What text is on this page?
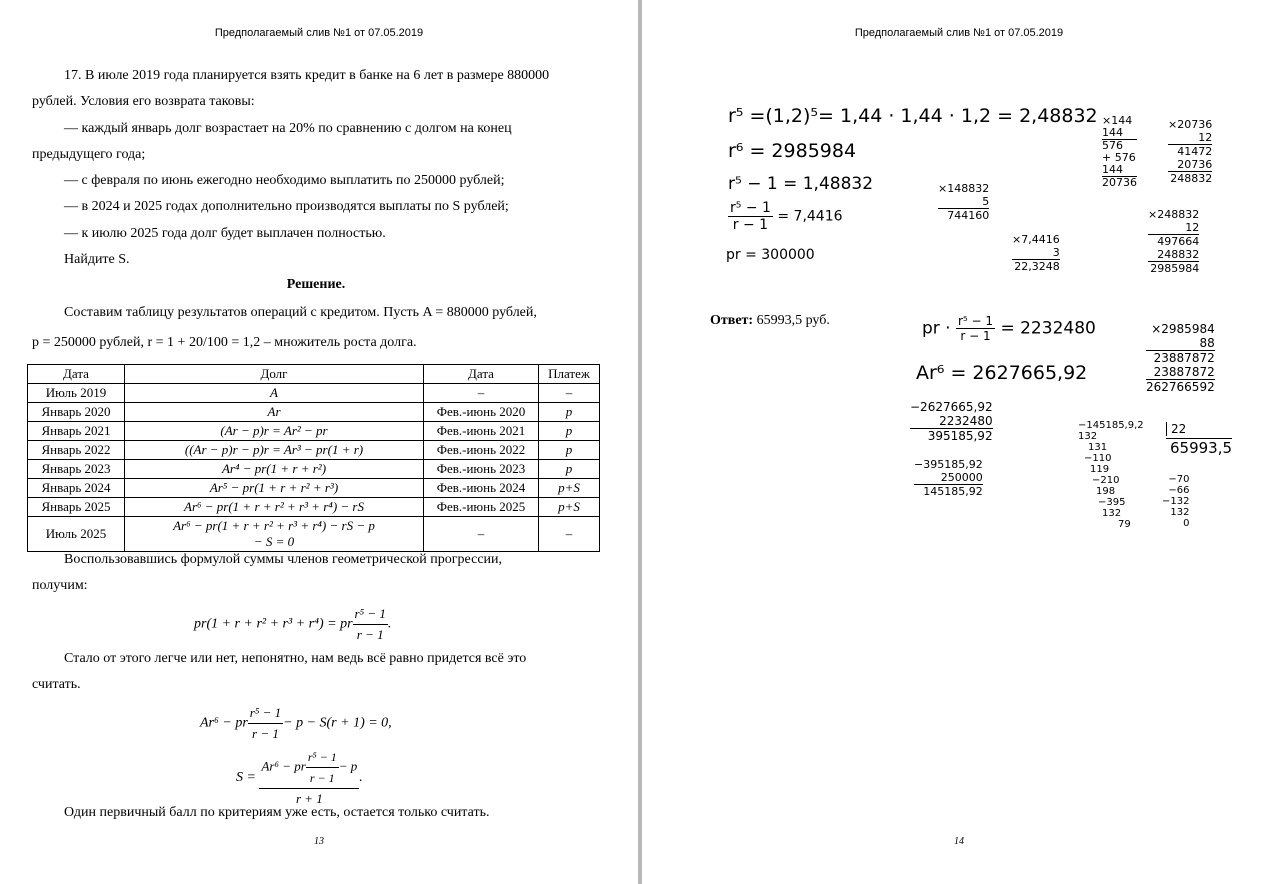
Предполагаемый слив №1 от 07.05.2019
17. В июле 2019 года планируется взять кредит в банке на 6 лет в размере 880000
рублей. Условия его возврата таковы:
— каждый январь долг возрастает на 20% по сравнению с долгом на конец
предыдущего года;
— с февраля по июнь ежегодно необходимо выплатить по 250000 рублей;
— в 2024 и 2025 годах дополнительно производятся выплаты по S рублей;
— к июлю 2025 года долг будет выплачен полностью.
Найдите S.
Решение.
Составим таблицу результатов операций с кредитом. Пусть A = 880000 рублей,
p = 250000 рублей, r = 1 + 20/100 = 1,2 – множитель роста долга.
Дата	Долг	Дата	Платеж
Июль 2019	A	–	–
Январь 2020	Ar	Фев.-июнь 2020	p
Январь 2021	(Ar − p)r = Ar² − pr	Фев.-июнь 2021	p
Январь 2022	((Ar − p)r − p)r = Ar³ − pr(1 + r)	Фев.-июнь 2022	p
Январь 2023	Ar⁴ − pr(1 + r + r²)	Фев.-июнь 2023	p
Январь 2024	Ar⁵ − pr(1 + r + r² + r³)	Фев.-июнь 2024	p+S
Январь 2025	Ar⁶ − pr(1 + r + r² + r³ + r⁴) − rS	Фев.-июнь 2025	p+S
Июль 2025	Ar⁶ − pr(1 + r + r² + r³ + r⁴) − rS − p
− S = 0	–	–
Воспользовавшись формулой суммы членов геометрической прогрессии,
получим:
pr(1 + r + r² + r³ + r⁴) = pr $\frac{\text{r⁵ − 1}}{r - 1}$ .
Стало от этого легче или нет, непонятно, нам ведь всё равно придется всё это
считать.
Ar⁶ − pr $\frac{\text{r⁵ − 1}}{r - 1} - p - S(r + 1) = 0$,
$S = \frac{Ar^6 - pr \frac{\text{r⁵ − 1}}{r - 1} - p}{r + 1}$ .
Один первичный балл по критериям уже есть, остается только считать.
13
Предполагаемый слив №1 от 07.05.2019
r⁵ =(1,2)⁵= 1,44 · 1,44 · 1,2 = 2,48832
r⁶ = 2985984
r⁵ − 1 = 1,48832
$\frac{\text{r⁵ − 1}}{r - 1} = 7,4416$
pr = 300000
Ответ: 65993,5 руб.	pr · $\frac{\text{r⁵ − 1}}{r - 1} = 2232480$
Ar⁶ = 2627665,92
×144
144
576
+ 576
144
20736
×20736
12
41472
20736
248832
×148832
5
744160
×7,4416
3
22,3248
×248832
12
497664
248832
2985984
×2985984
88
23887872
23887872
262766592
−2627665,92
2232480
395185,92
−395185,92
250000
145185,92
−145185,9,2
132
131
−110
119
−210
198
−395
132
79
22
65993,5
−70
−66
−132
132
0
14
